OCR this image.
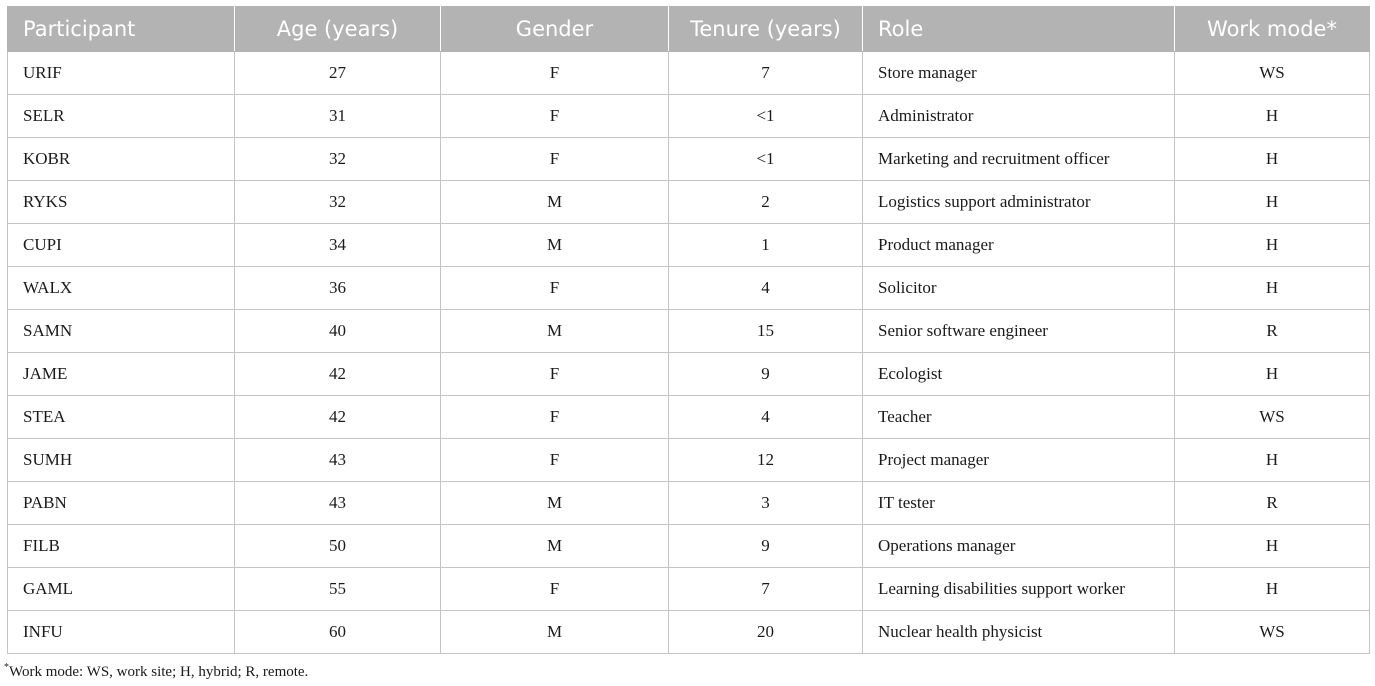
Participant	Age (years)	Gender	Tenure (years)	Role	Work mode*
URIF	27	F	7	Store manager	WS
SELR	31	F	<1	Administrator	H
KOBR	32	F	<1	Marketing and recruitment officer	H
RYKS	32	M	2	Logistics support administrator	H
CUPI	34	M	1	Product manager	H
WALX	36	F	4	Solicitor	H
SAMN	40	M	15	Senior software engineer	R
JAME	42	F	9	Ecologist	H
STEA	42	F	4	Teacher	WS
SUMH	43	F	12	Project manager	H
PABN	43	M	3	IT tester	R
FILB	50	M	9	Operations manager	H
GAML	55	F	7	Learning disabilities support worker	H
INFU	60	M	20	Nuclear health physicist	WS
*Work mode: WS, work site; H, hybrid; R, remote.
